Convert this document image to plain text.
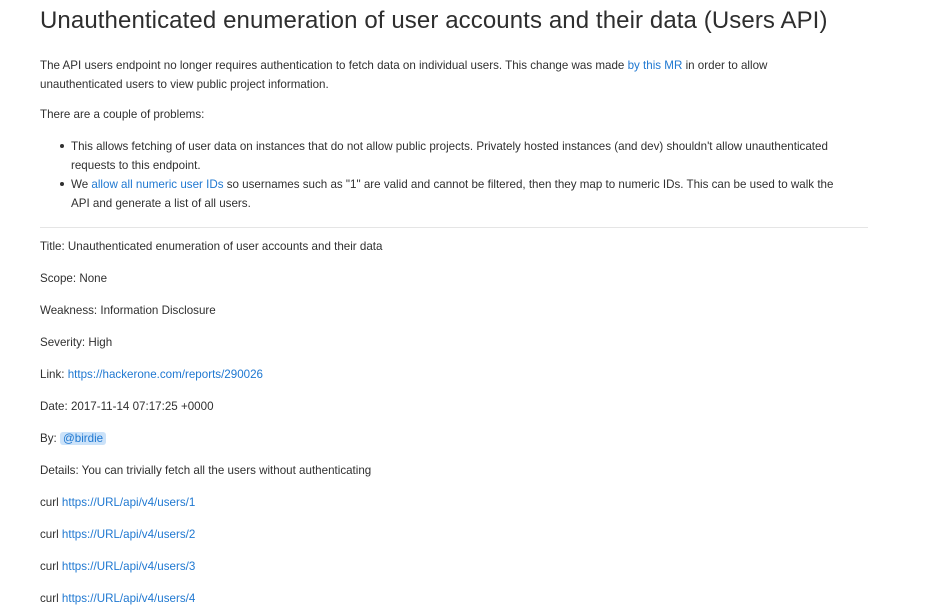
Unauthenticated enumeration of user accounts and their data (Users API)

The API users endpoint no longer requires authentication to fetch data on individual users. This change was made by this MR in order to allow
unauthenticated users to view public project information.

There are a couple of problems:

This allows fetching of user data on instances that do not allow public projects. Privately hosted instances (and dev) shouldn't allow unauthenticated
requests to this endpoint.
We allow all numeric user IDs so usernames such as "1" are valid and cannot be filtered, then they map to numeric IDs. This can be used to walk the
API and generate a list of all users.

Title: Unauthenticated enumeration of user accounts and their data

Scope: None

Weakness: Information Disclosure

Severity: High

Link: https://hackerone.com/reports/290026

Date: 2017-11-14 07:17:25 +0000

By: @birdie

Details: You can trivially fetch all the users without authenticating

curl https://URL/api/v4/users/1

curl https://URL/api/v4/users/2

curl https://URL/api/v4/users/3

curl https://URL/api/v4/users/4
